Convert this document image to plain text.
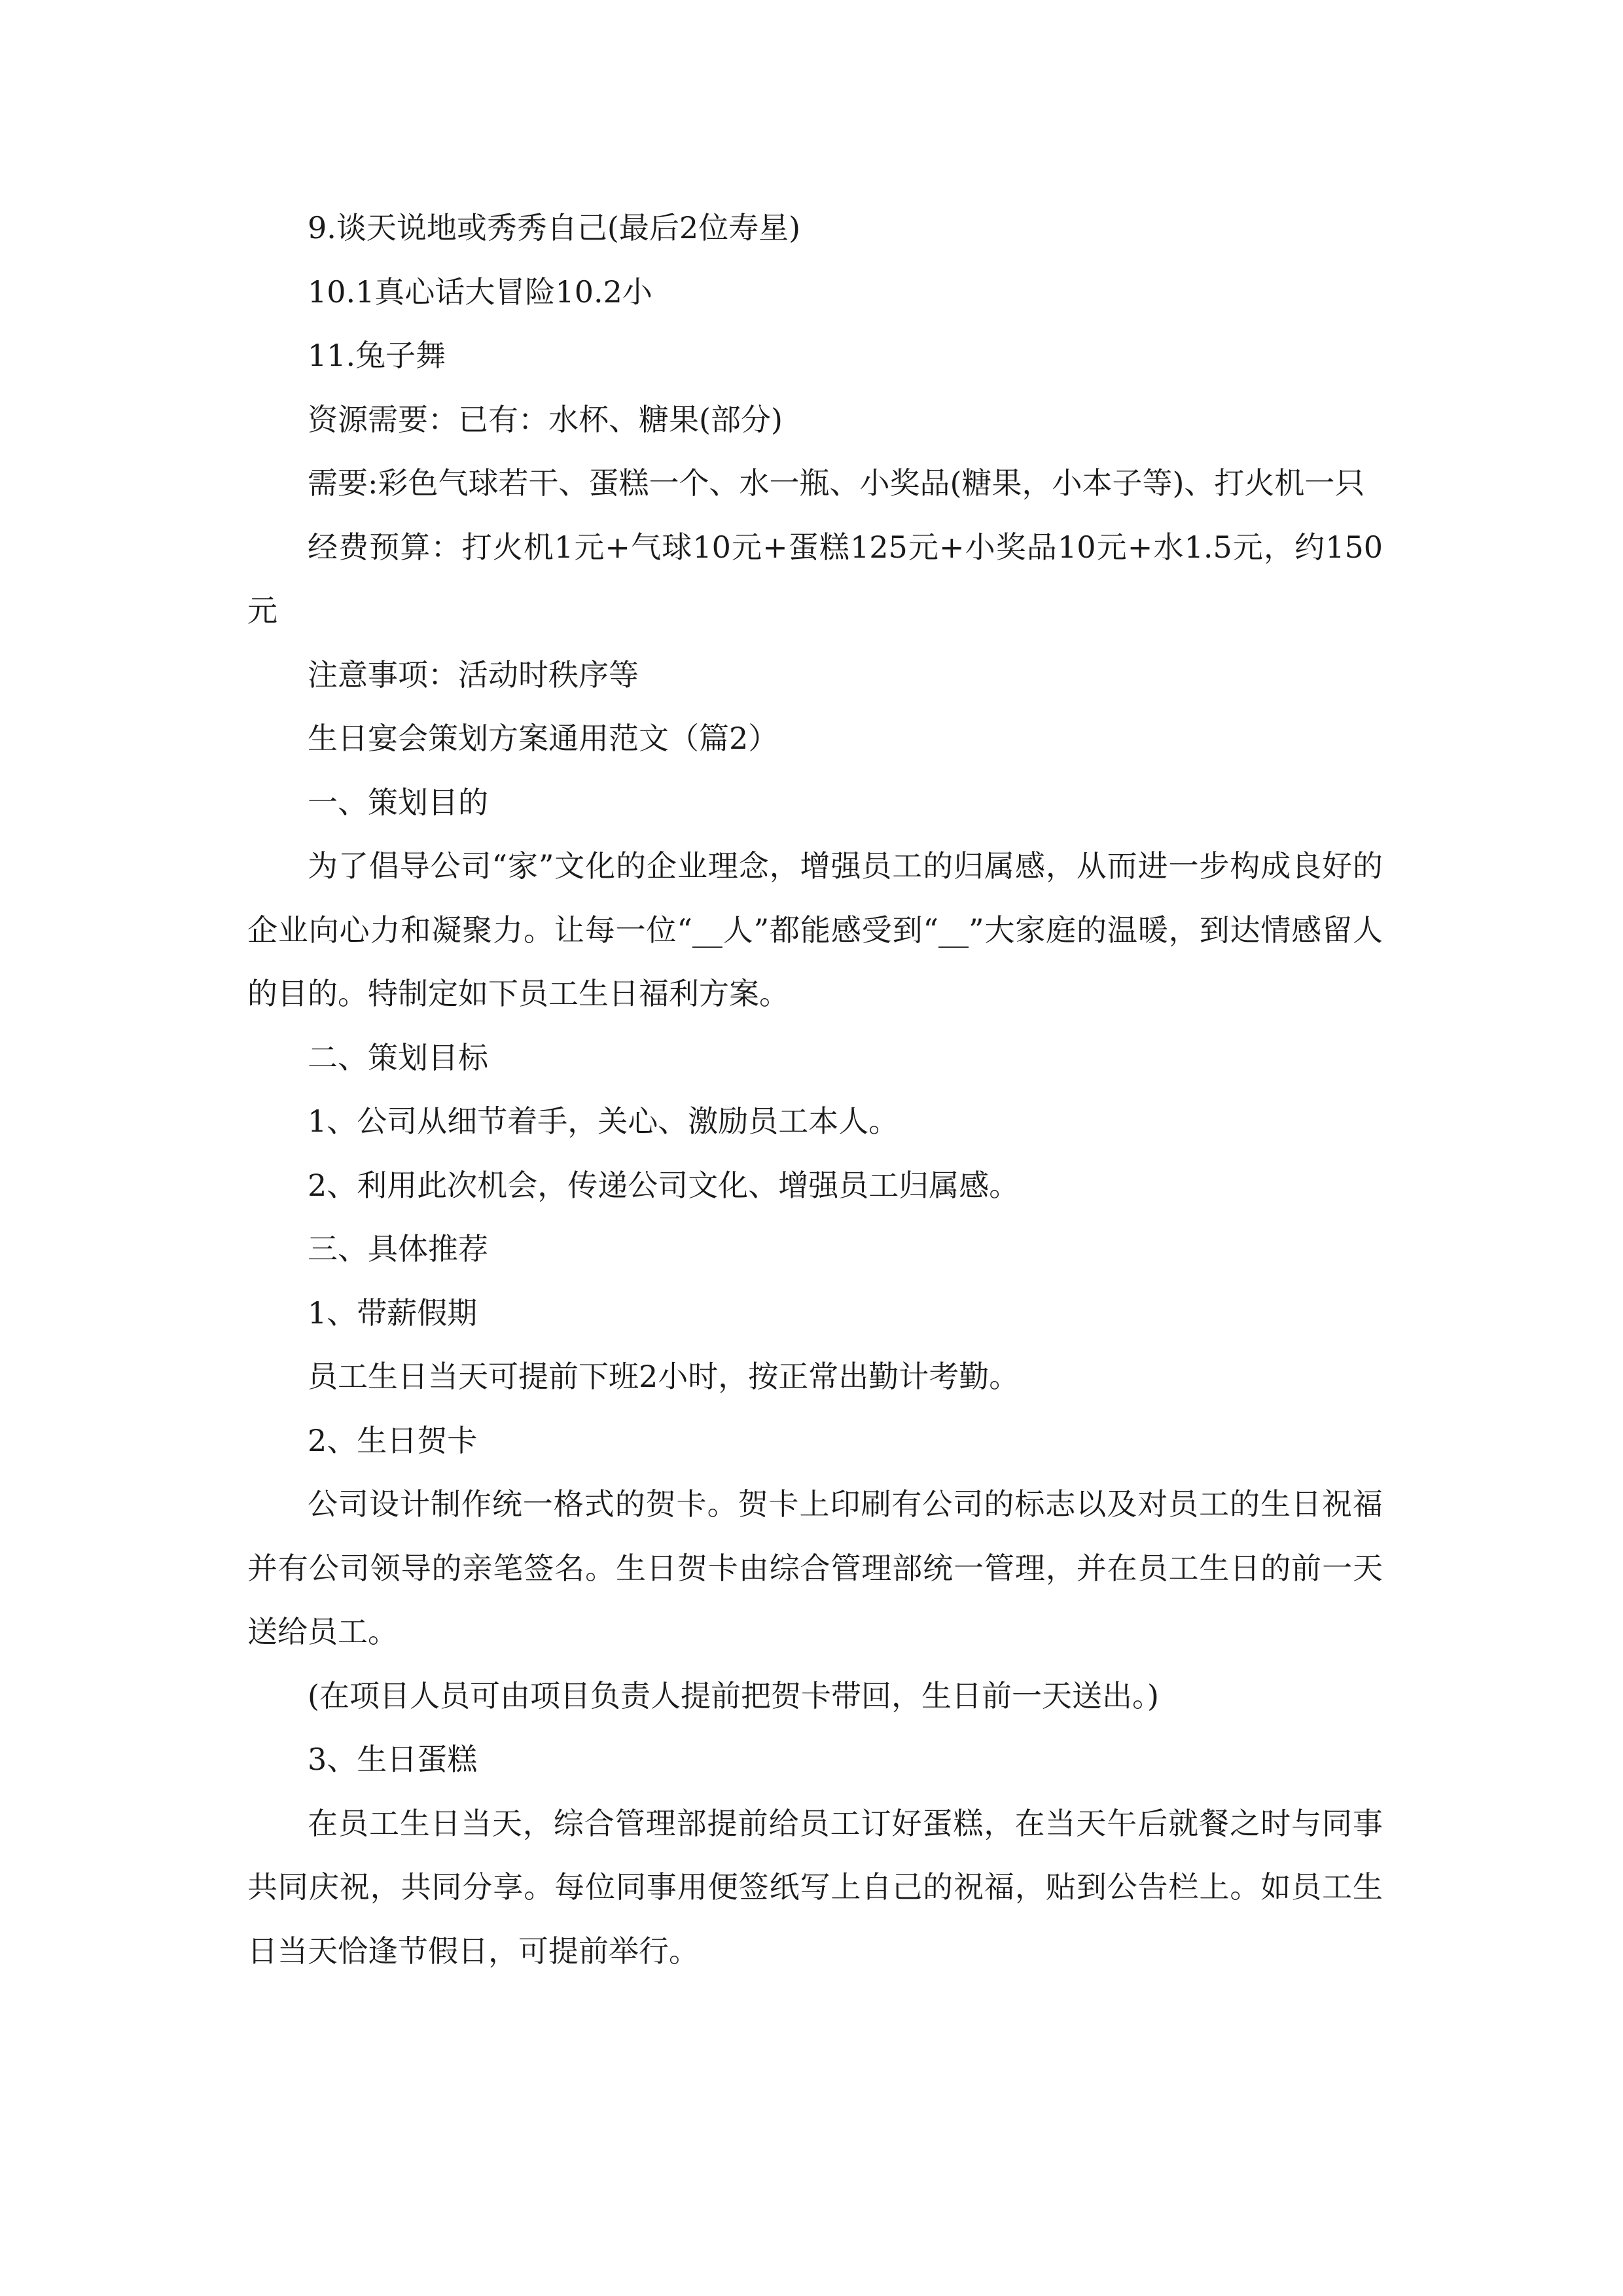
9.谈天说地或秀秀自己(最后2位寿星)

10.1真心话大冒险10.2小

11.兔子舞

资源需要：已有：水杯、糖果(部分)

需要:彩色气球若干、蛋糕一个、水一瓶、小奖品(糖果，小本子等)、打火机一只

经费预算：打火机1元+气球10元+蛋糕125元+小奖品10元+水1.5元，约150元

注意事项：活动时秩序等

生日宴会策划方案通用范文（篇2）

一、策划目的

为了倡导公司“家”文化的企业理念，增强员工的归属感，从而进一步构成良好的企业向心力和凝聚力。让每一位“__人”都能感受到“__”大家庭的温暖，到达情感留人的目的。特制定如下员工生日福利方案。

二、策划目标

1、公司从细节着手，关心、激励员工本人。

2、利用此次机会，传递公司文化、增强员工归属感。

三、具体推荐

1、带薪假期

员工生日当天可提前下班2小时，按正常出勤计考勤。

2、生日贺卡

公司设计制作统一格式的贺卡。贺卡上印刷有公司的标志以及对员工的生日祝福并有公司领导的亲笔签名。生日贺卡由综合管理部统一管理，并在员工生日的前一天送给员工。

(在项目人员可由项目负责人提前把贺卡带回，生日前一天送出。)

3、生日蛋糕

在员工生日当天，综合管理部提前给员工订好蛋糕，在当天午后就餐之时与同事共同庆祝，共同分享。每位同事用便签纸写上自己的祝福，贴到公告栏上。如员工生日当天恰逢节假日，可提前举行。
